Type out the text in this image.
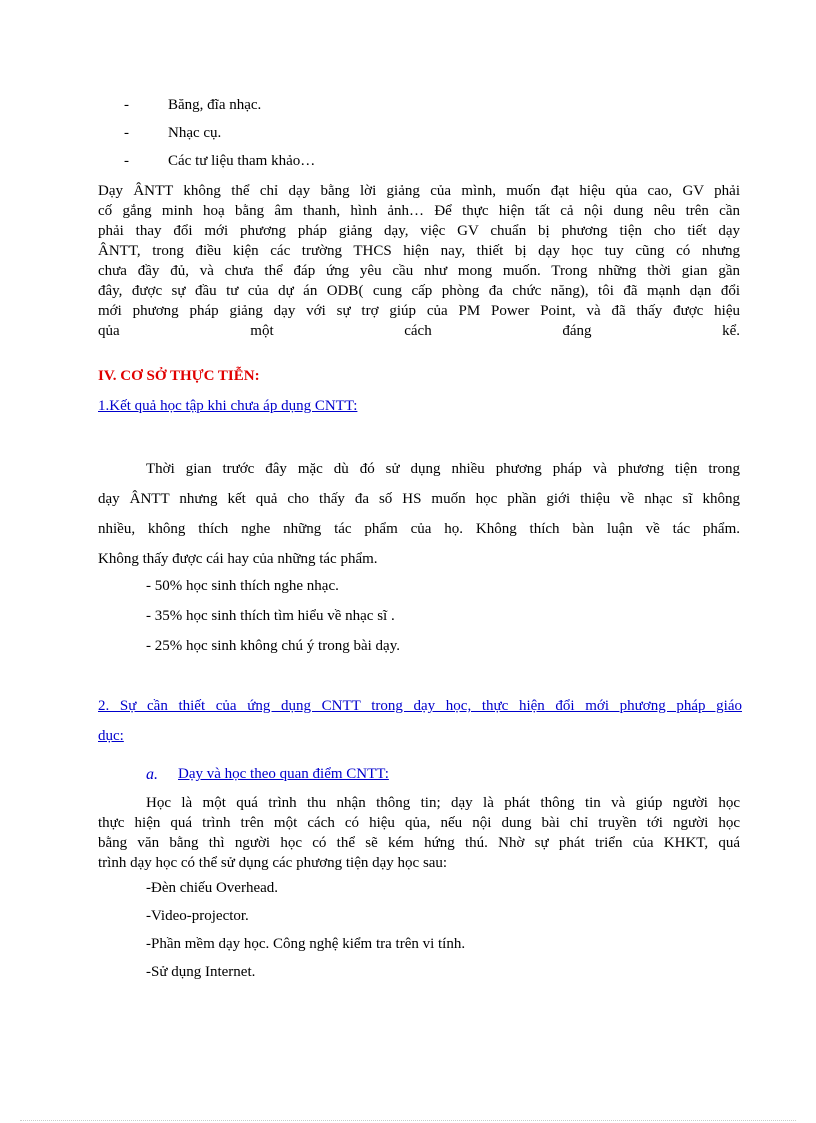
-	Băng, đĩa nhạc.
-	Nhạc cụ.
-	Các tư liệu tham khảo…
Dạy ÂNTT không thể chỉ dạy bằng lời giảng của mình, muốn đạt hiệu qủa cao, GV phải
cố gắng minh hoạ bằng âm thanh, hình ảnh… Để thực hiện tất cả nội dung nêu trên cần
phải thay đổi mới phương pháp giảng dạy, việc GV chuẩn bị phương tiện cho tiết dạy
ÂNTT, trong điều kiện các trường THCS hiện nay, thiết bị dạy học tuy cũng có nhưng
chưa đầy đủ, và chưa thể đáp ứng yêu cầu như mong muốn. Trong những thời gian gần
đây, được sự đầu tư của dự án ODB( cung cấp phòng đa chức năng), tôi đã mạnh dạn đổi
mới phương pháp giảng dạy với sự trợ giúp của PM Power Point, và đã thấy được hiệu
qủa một cách đáng kể.
IV. CƠ SỞ THỰC TIỄN:
1.Kết quả học tập khi chưa áp dụng CNTT:
Thời gian trước đây mặc dù đó sử dụng nhiều phương pháp và phương tiện trong
dạy ÂNTT nhưng kết quả cho thấy đa số HS muốn học phần giới thiệu về nhạc sĩ không
nhiều, không thích nghe những tác phẩm của họ. Không thích bàn luận về tác phẩm.
Không thấy được cái hay của những tác phẩm.
- 50% học sinh thích nghe nhạc.
- 35% học sinh thích tìm hiểu về nhạc sĩ .
- 25% học sinh không chú ý trong bài dạy.
2. Sự cần thiết của ứng dụng CNTT trong dạy học, thực hiện đổi mới phương pháp giáo
dục:
a. Dạy và học theo quan điểm CNTT:
Học là một quá trình thu nhận thông tin; dạy là phát thông tin và giúp người học
thực hiện quá trình trên một cách có hiệu qủa, nếu nội dung bài chỉ truyền tới người học
bằng văn bằng thì người học có thể sẽ kém hứng thú. Nhờ sự phát triển của KHKT, quá
trình dạy học có thể sử dụng các phương tiện dạy học sau:
-Đèn chiếu Overhead.
-Video-projector.
-Phần mềm dạy học. Công nghệ kiểm tra trên vi tính.
-Sử dụng Internet.
